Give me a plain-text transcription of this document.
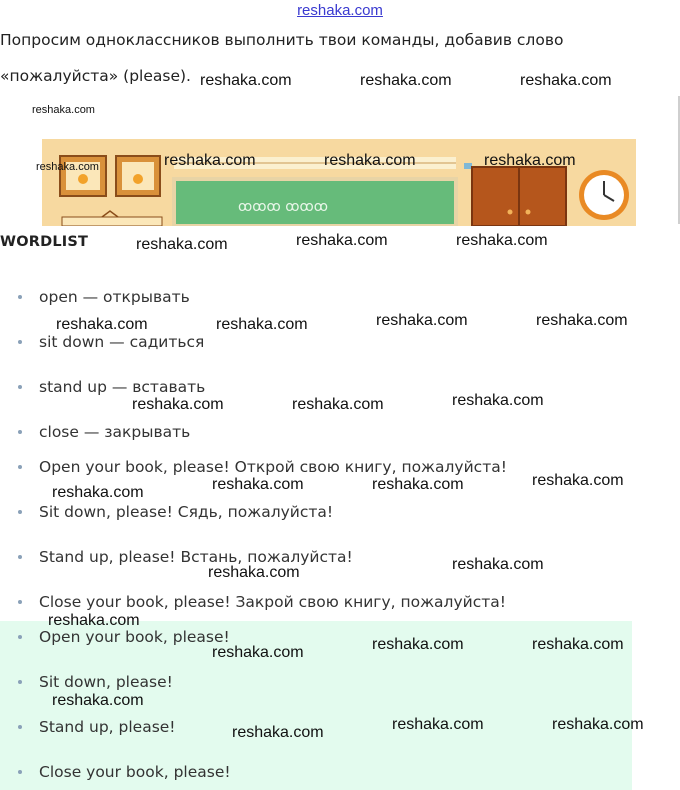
reshaka.com
Попросим одноклассников выполнить твои команды, добавив слово
«пожалуйста» (please).
ꝏꝏꝏ ꝏꝏꝏ
WORDLIST
open — открывать
sit down — садиться
stand up — вставать
close — закрывать
Open your book, please! Открой свою книгу, пожалуйста!
Sit down, please! Сядь, пожалуйста!
Stand up, please! Встань, пожалуйста!
Close your book, please! Закрой свою книгу, пожалуйста!
Open your book, please!
Sit down, please!
Stand up, please!
Close your book, please!
reshaka.com	reshaka.com	reshaka.com
reshaka.com
reshaka.com	reshaka.com	reshaka.com	reshaka.com
reshaka.com	reshaka.com	reshaka.com
reshaka.com	reshaka.com	reshaka.com	reshaka.com
reshaka.com	reshaka.com	reshaka.com
reshaka.com	reshaka.com	reshaka.com	reshaka.com
reshaka.com	reshaka.com
reshaka.com
reshaka.com	reshaka.com	reshaka.com
reshaka.com
reshaka.com	reshaka.com	reshaka.com
